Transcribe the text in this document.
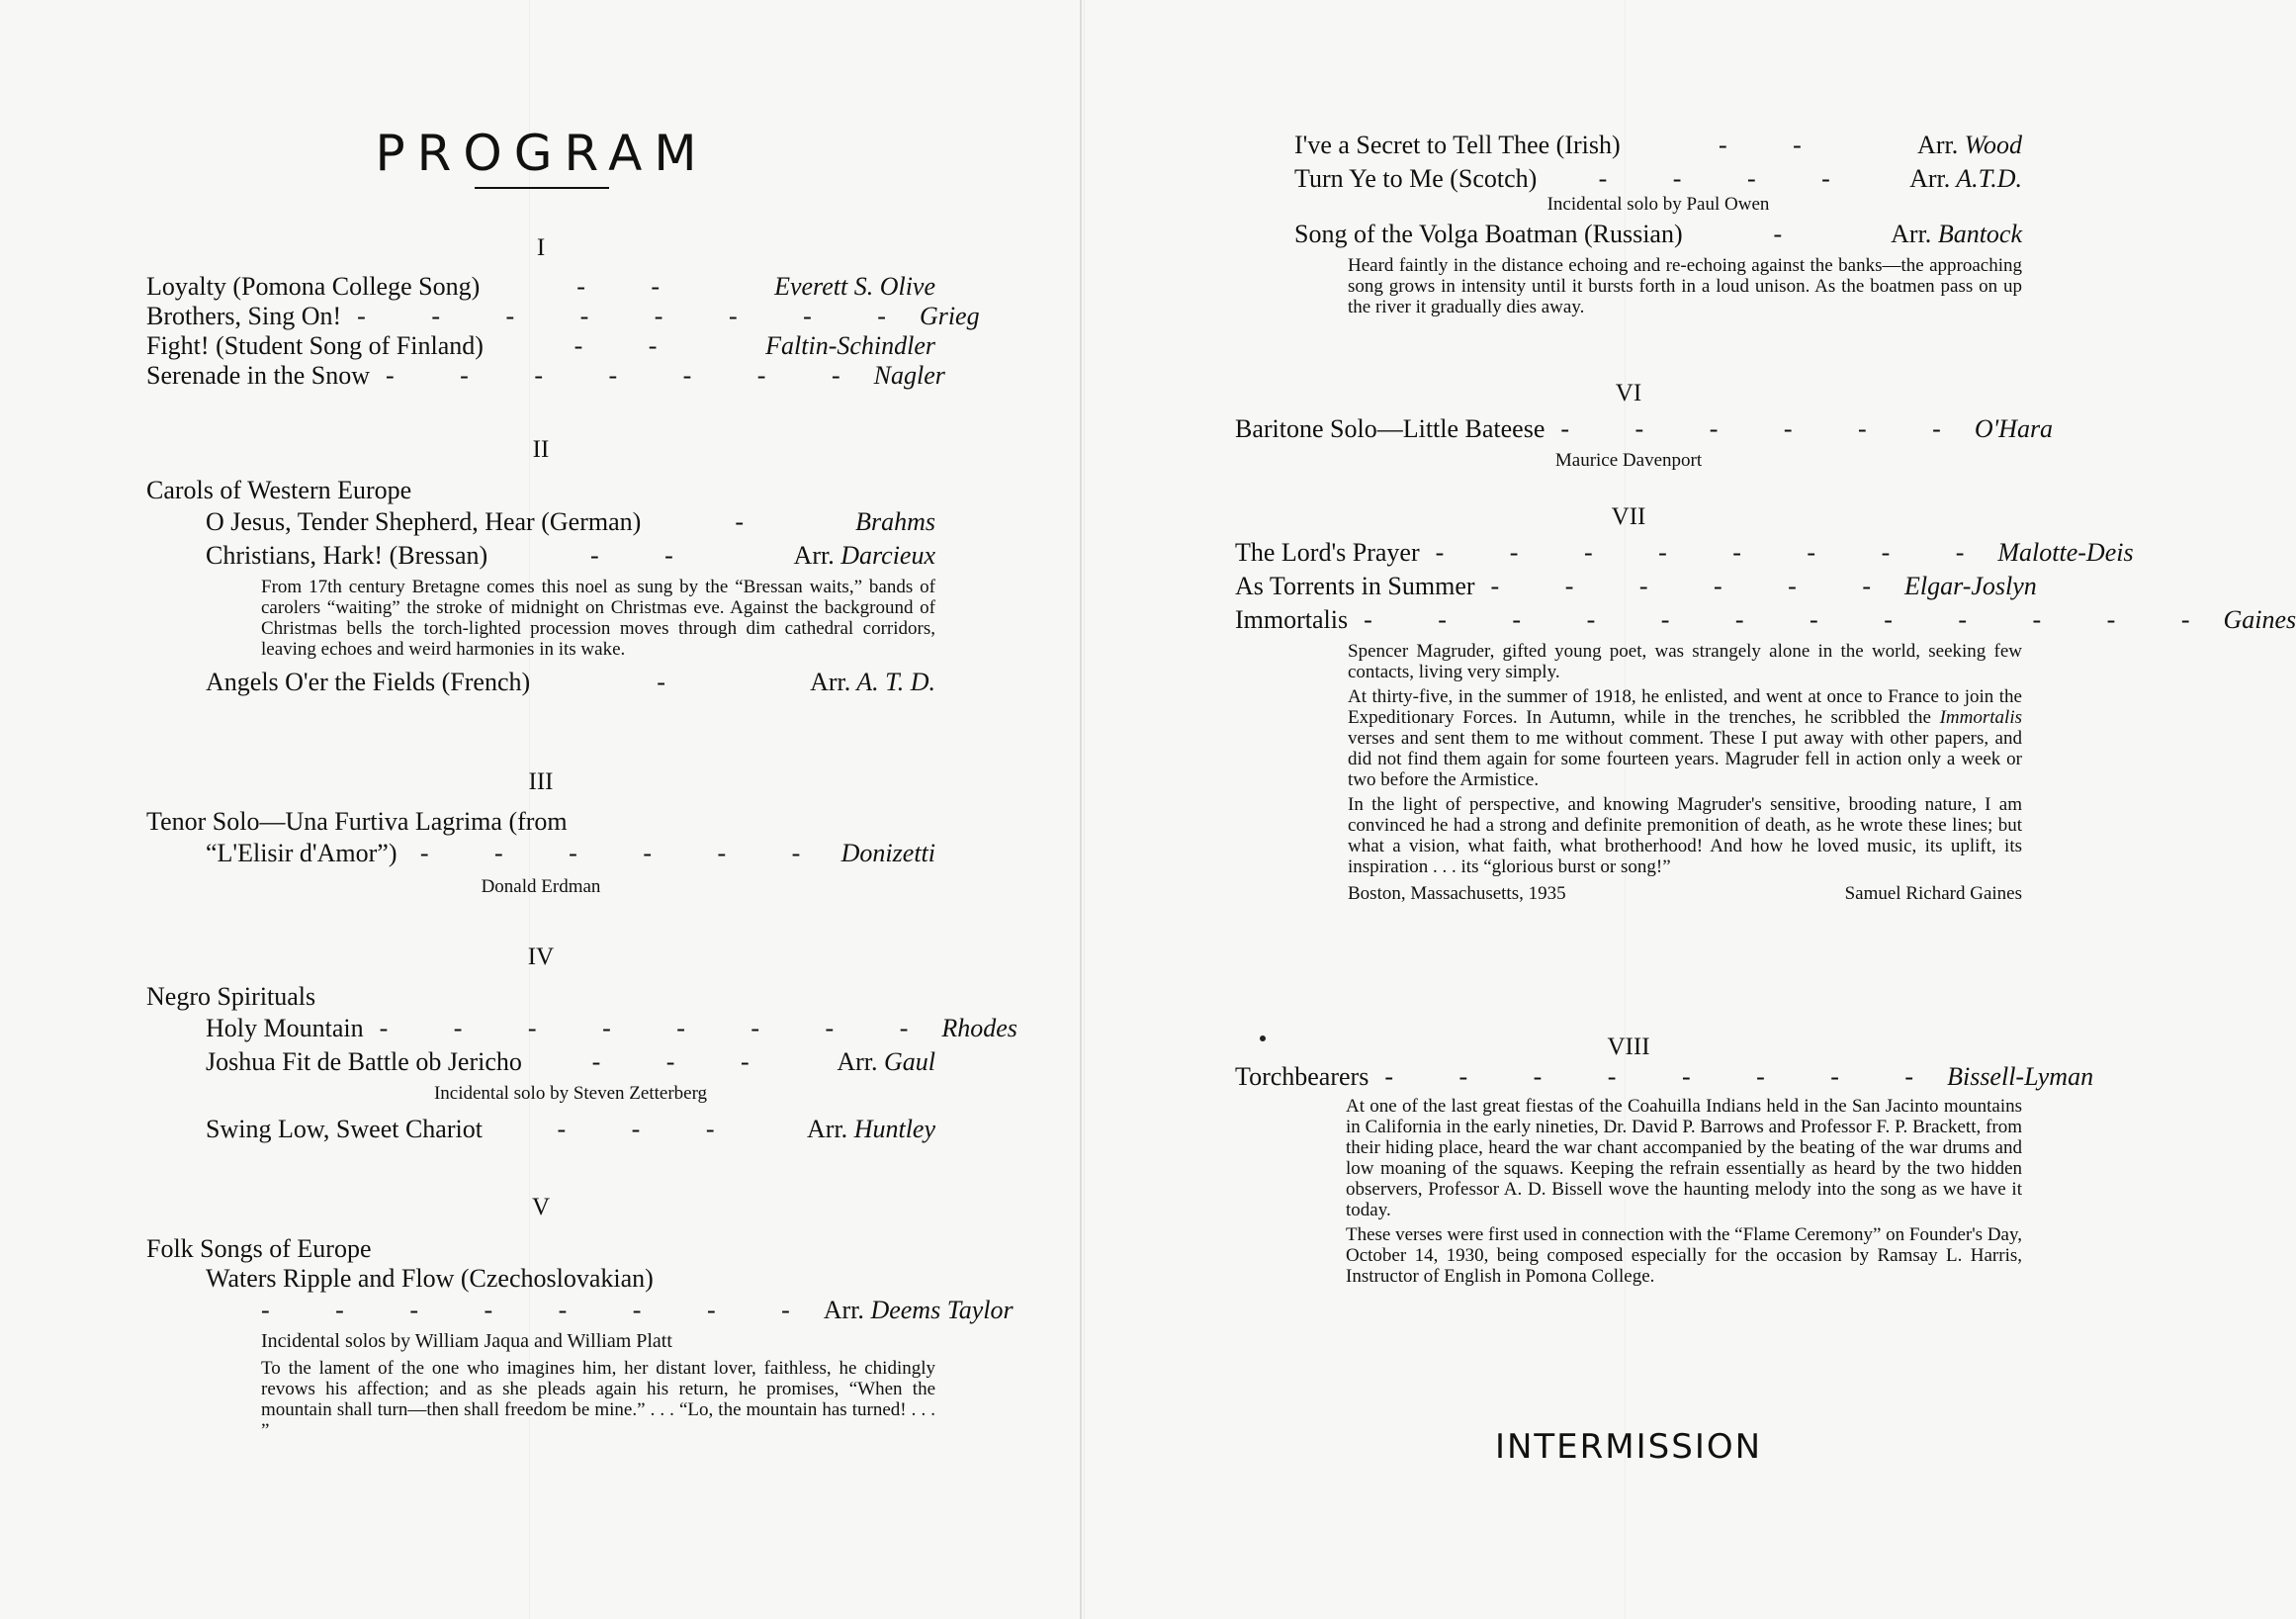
PROGRAM
I
Loyalty (Pomona College Song)	- -	Everett S. Olive
Brothers, Sing On! - - - - - - - - Grieg
Fight! (Student Song of Finland)	- -	Faltin-Schindler
Serenade in the Snow - - - - - - - Nagler
II
Carols of Western Europe
O Jesus, Tender Shepherd, Hear (German)	-	Brahms
Christians, Hark! (Bressan)	- -	Arr. Darcieux
From 17th century Bretagne comes this noel as sung by the “Bressan waits,” bands of carolers “waiting” the stroke of midnight on Christmas eve. Against the background of Christmas bells the torch-lighted procession moves through dim cathedral corridors, leaving echoes and weird harmonies in its wake.
Angels O'er the Fields (French)	-	Arr. A. T. D.
III
Tenor Solo—Una Furtiva Lagrima (from
“L'Elisir d'Amor”) - - - - - - Donizetti
Donald Erdman
IV
Negro Spirituals
Holy Mountain - - - - - - - - Rhodes
Joshua Fit de Battle ob Jericho	- - -	Arr. Gaul
Incidental solo by Steven Zetterberg
Swing Low, Sweet Chariot	- - -	Arr. Huntley
V
Folk Songs of Europe
Waters Ripple and Flow (Czechoslovakian)
- - - - - - - - Arr. Deems Taylor
Incidental solos by William Jaqua and William Platt
To the lament of the one who imagines him, her distant lover, faithless, he chidingly revows his affection; and as she pleads again his return, he promises, “When the mountain shall turn—then shall freedom be mine.” . . . “Lo, the mountain has turned! . . . ”
I've a Secret to Tell Thee (Irish)	- -	Arr. Wood
Turn Ye to Me (Scotch)	- - - -	Arr. A.T.D.
Incidental solo by Paul Owen
Song of the Volga Boatman (Russian)	-	Arr. Bantock
Heard faintly in the distance echoing and re-echoing against the banks—the approaching song grows in intensity until it bursts forth in a loud unison. As the boatmen pass on up the river it gradually dies away.
VI
Baritone Solo—Little Bateese - - - - - - O'Hara
Maurice Davenport
VII
The Lord's Prayer - - - - - - - - Malotte-Deis
As Torrents in Summer - - - - - - Elgar-Joslyn
Immortalis - - - - - - - - - - - - Gaines
Spencer Magruder, gifted young poet, was strangely alone in the world, seeking few contacts, living very simply.
At thirty-five, in the summer of 1918, he enlisted, and went at once to France to join the Expeditionary Forces. In Autumn, while in the trenches, he scribbled the Immortalis verses and sent them to me without comment. These I put away with other papers, and did not find them again for some fourteen years. Magruder fell in action only a week or two before the Armistice.
In the light of perspective, and knowing Magruder's sensitive, brooding nature, I am convinced he had a strong and definite premonition of death, as he wrote these lines; but what a vision, what faith, what brotherhood! And how he loved music, its uplift, its inspiration . . . its “glorious burst or song!”
Boston, Massachusetts, 1935	Samuel Richard Gaines
VIII
Torchbearers - - - - - - - - Bissell-Lyman
At one of the last great fiestas of the Coahuilla Indians held in the San Jacinto mountains in California in the early nineties, Dr. David P. Barrows and Professor F. P. Brackett, from their hiding place, heard the war chant accompanied by the beating of the war drums and low moaning of the squaws. Keeping the refrain essentially as heard by the two hidden observers, Professor A. D. Bissell wove the haunting melody into the song as we have it today.
These verses were first used in connection with the “Flame Ceremony” on Founder's Day, October 14, 1930, being composed especially for the occasion by Ramsay L. Harris, Instructor of English in Pomona College.
INTERMISSION
